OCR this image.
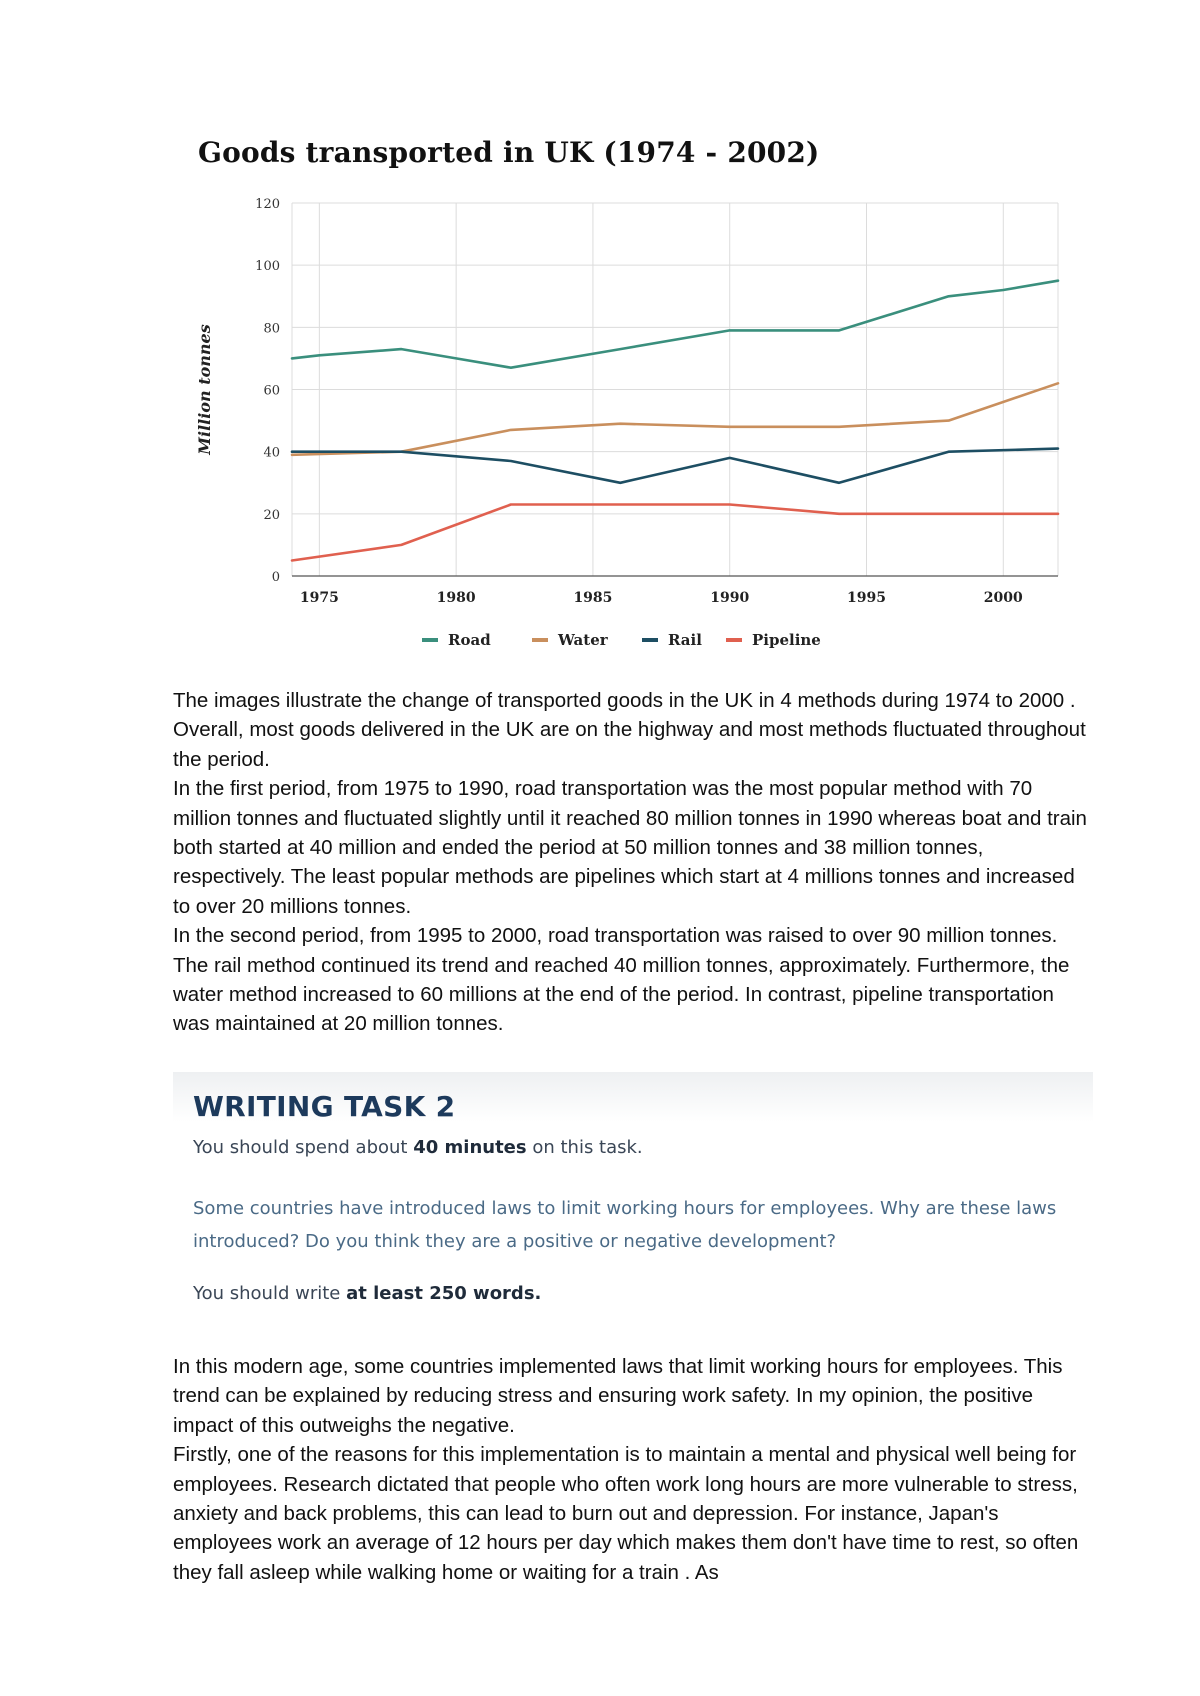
Goods transported in UK (1974 - 2002)
0
20
40
60
80
100
120
1975	1980	1985	1990	1995	2000
Million tonnes
Road	Water	Rail	Pipeline

The images illustrate the change of transported goods in the UK in 4 methods during 1974 to 2000 . Overall, most goods delivered in the UK are on the highway and most methods fluctuated throughout the period.

In the first period, from 1975 to 1990, road transportation was the most popular method with 70 million tonnes and fluctuated slightly until it reached 80 million tonnes in 1990 whereas boat and train both started at 40 million and ended the period at 50 million tonnes and 38 million tonnes, respectively. The least popular methods are pipelines which start at 4 millions tonnes and increased to over 20 millions tonnes.

In the second period, from 1995 to 2000, road transportation was raised to over 90 million tonnes. The rail method continued its trend and reached 40 million tonnes, approximately. Furthermore, the water method increased to 60 millions at the end of the period. In contrast, pipeline transportation was maintained at 20 million tonnes.

WRITING TASK 2
You should spend about 40 minutes on this task.
Some countries have introduced laws to limit working hours for employees. Why are these laws introduced? Do you think they are a positive or negative development?
You should write at least 250 words.

In this modern age, some countries implemented laws that limit working hours for employees. This trend can be explained by reducing stress and ensuring work safety. In my opinion, the positive impact of this outweighs the negative.

Firstly, one of the reasons for this implementation is to maintain a mental and physical well being for employees. Research dictated that people who often work long hours are more vulnerable to stress, anxiety and back problems, this can lead to burn out and depression. For instance, Japan's employees work an average of 12 hours per day which makes them don't have time to rest, so often they fall asleep while walking home or waiting for a train . As
